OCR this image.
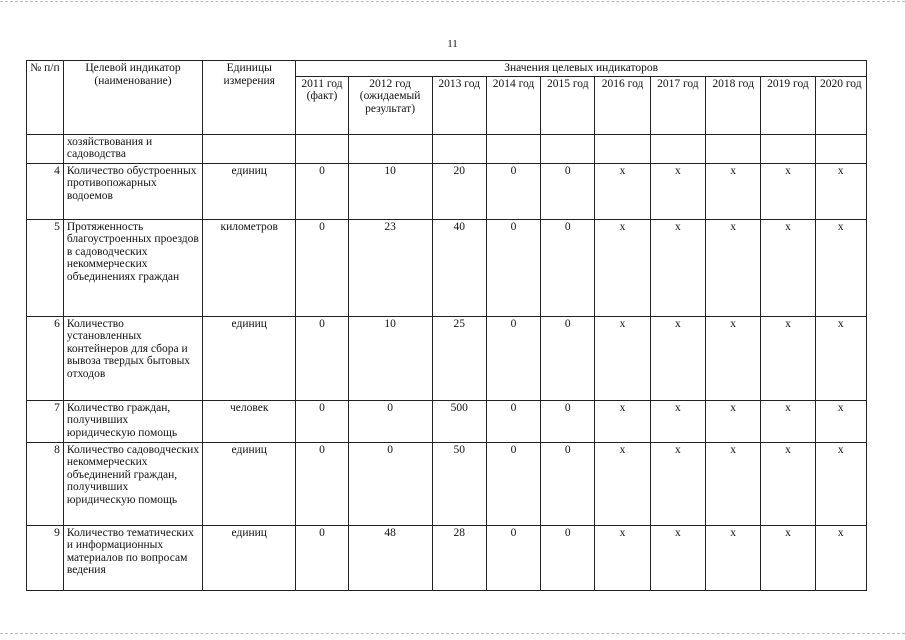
11
№ п/п	Целевой индикатор (наименование)	Единицы измерения	Значения целевых индикаторов									
			2011 год (факт)	2012 год (ожидаемый результат)	2013 год	2014 год	2015 год	2016 год	2017 год	2018 год	2019 год	2020 год
	хозяйствования и садоводства											
4	Количество обустроенных противопожарных водоемов	единиц	0	10	20	0	0	x	x	x	x	x
5	Протяженность благоустроенных проездов в садоводческих некоммерческих объединениях граждан	километров	0	23	40	0	0	x	x	x	x	x
6	Количество установленных контейнеров для сбора и вывоза твердых бытовых отходов	единиц	0	10	25	0	0	x	x	x	x	x
7	Количество граждан, получивших юридическую помощь	человек	0	0	500	0	0	x	x	x	x	x
8	Количество садоводческих некоммерческих объединений граждан, получивших юридическую помощь	единиц	0	0	50	0	0	x	x	x	x	x
9	Количество тематических и информационных материалов по вопросам ведения	единиц	0	48	28	0	0	x	x	x	x	x
